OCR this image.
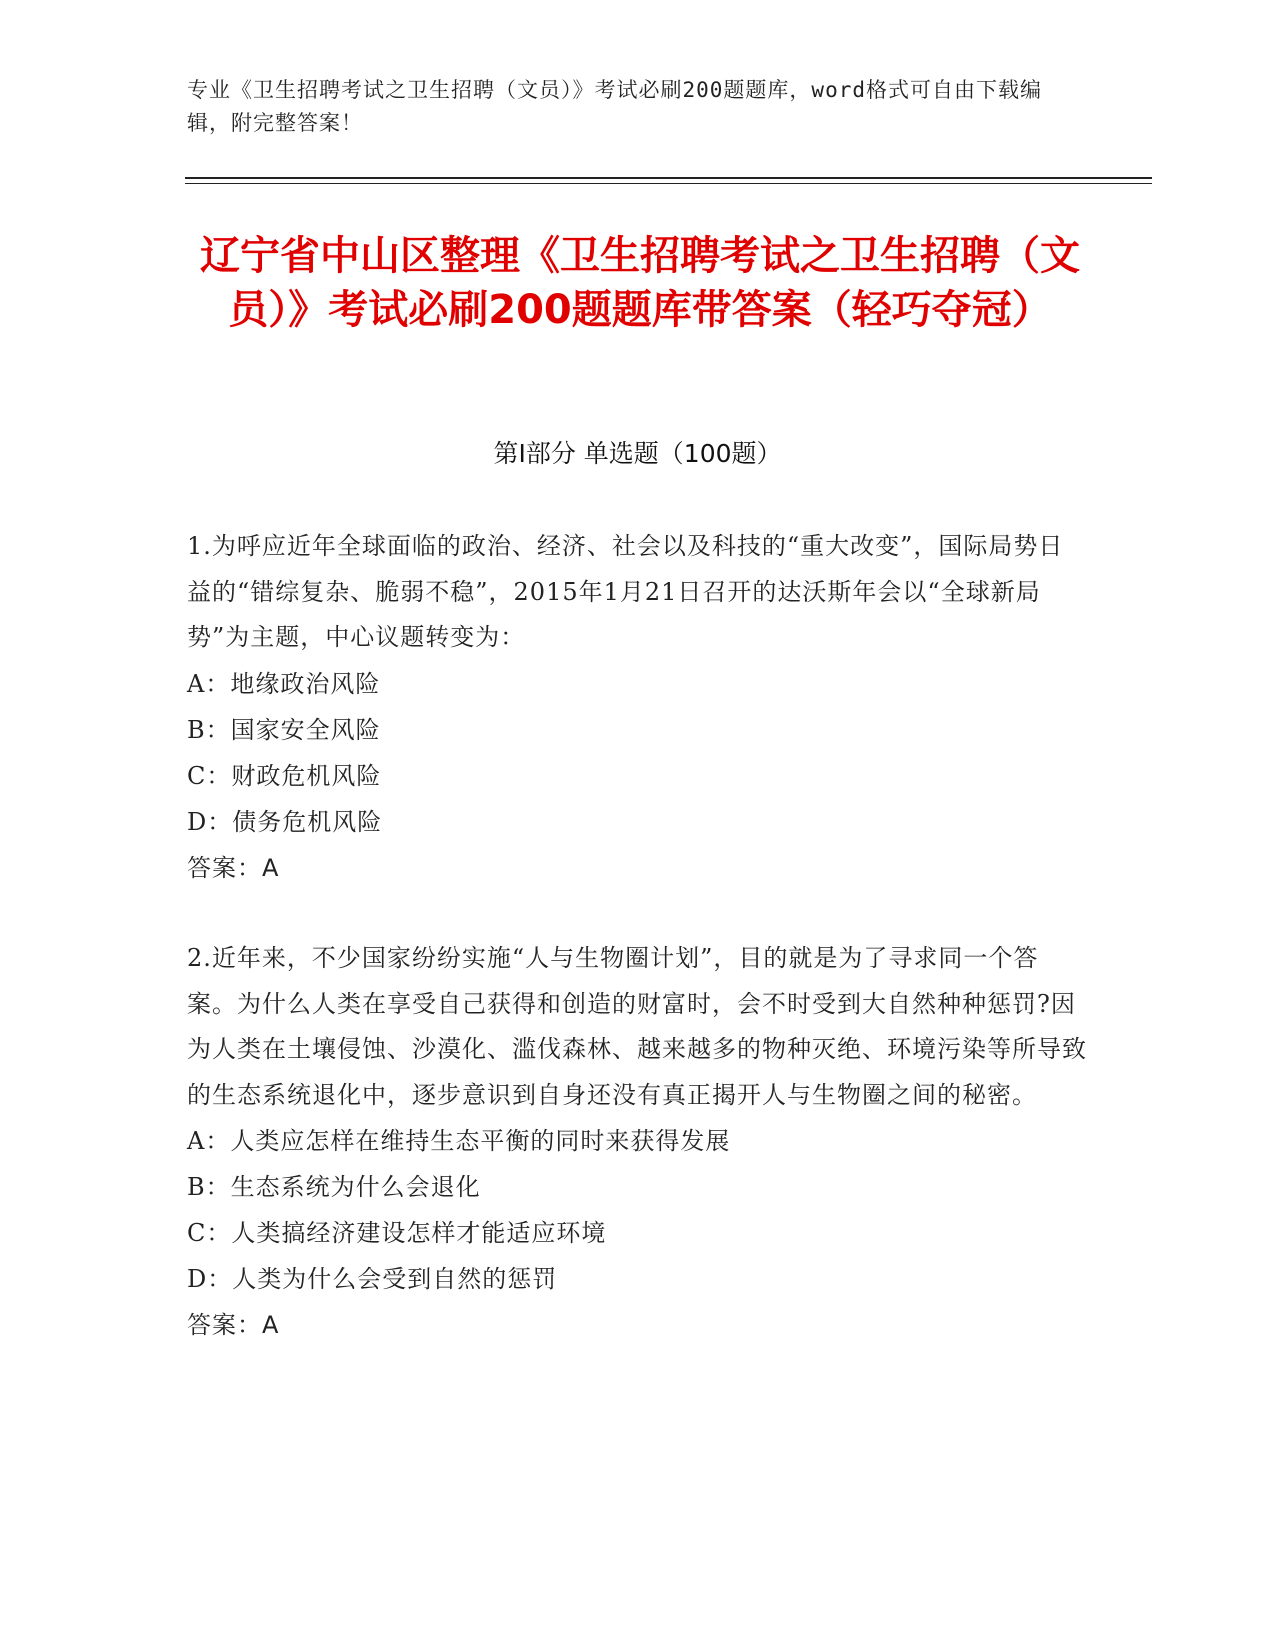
专业《卫生招聘考试之卫生招聘（文员）》考试必刷200题题库，word格式可自由下载编辑，附完整答案！
辽宁省中山区整理《卫生招聘考试之卫生招聘（文员）》考试必刷200题题库带答案（轻巧夺冠）
第I部分 单选题（100题）

1.为呼应近年全球面临的政治、经济、社会以及科技的“重大改变”，国际局势日益的“错综复杂、脆弱不稳”，2015年1月21日召开的达沃斯年会以“全球新局势”为主题，中心议题转变为：

A：地缘政治风险

B：国家安全风险

C：财政危机风险

D：债务危机风险

答案：A

2.近年来，不少国家纷纷实施“人与生物圈计划”，目的就是为了寻求同一个答案。为什么人类在享受自己获得和创造的财富时，会不时受到大自然种种惩罚?因为人类在土壤侵蚀、沙漠化、滥伐森林、越来越多的物种灭绝、环境污染等所导致的生态系统退化中，逐步意识到自身还没有真正揭开人与生物圈之间的秘密。

A：人类应怎样在维持生态平衡的同时来获得发展

B：生态系统为什么会退化

C：人类搞经济建设怎样才能适应环境

D：人类为什么会受到自然的惩罚

答案：A
